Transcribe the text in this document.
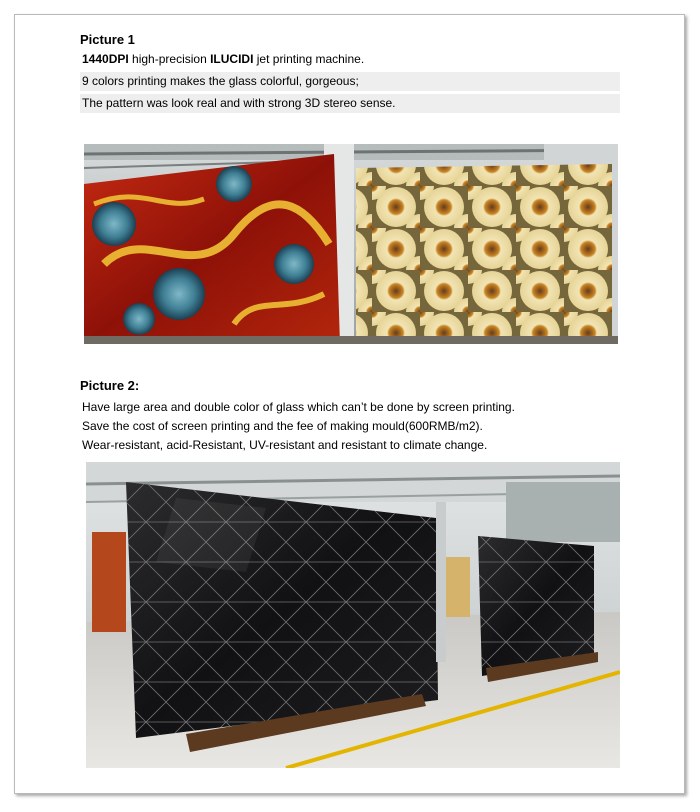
Picture 1
1440DPI high-precision ILUCIDI jet printing machine.
9 colors printing makes the glass colorful, gorgeous;
The pattern was look real and with strong 3D stereo sense.
Picture 2:
Have large area and double color of glass which can’t be done by screen printing.
Save the cost of screen printing and the fee of making mould(600RMB/m2).
Wear-resistant, acid-Resistant, UV-resistant and resistant to climate change.
